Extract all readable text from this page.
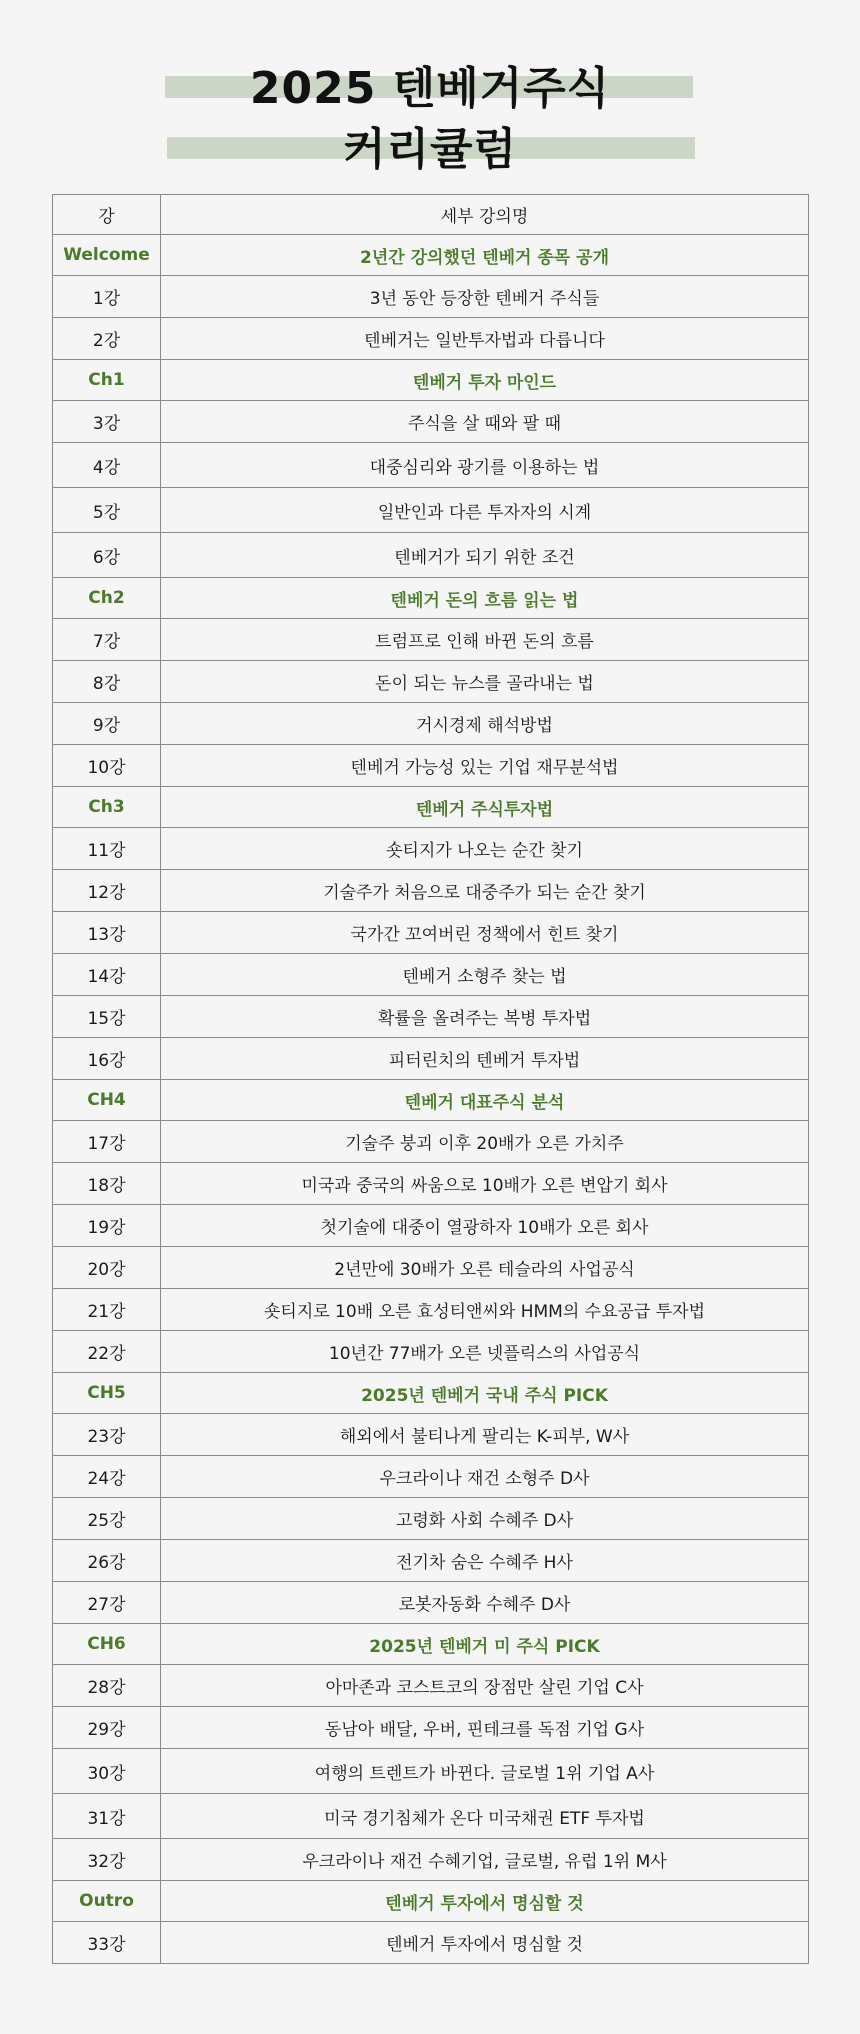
2025 텐베거주식
커리큘럼
강	세부 강의명
Welcome	2년간 강의했던 텐베거 종목 공개
1강	3년 동안 등장한 텐베거 주식들
2강	텐베거는 일반투자법과 다릅니다
Ch1	텐베거 투자 마인드
3강	주식을 살 때와 팔 때
4강	대중심리와 광기를 이용하는 법
5강	일반인과 다른 투자자의 시계
6강	텐베거가 되기 위한 조건
Ch2	텐베거 돈의 흐름 읽는 법
7강	트럼프로 인해 바뀐 돈의 흐름
8강	돈이 되는 뉴스를 골라내는 법
9강	거시경제 해석방법
10강	텐베거 가능성 있는 기업 재무분석법
Ch3	텐베거 주식투자법
11강	숏티지가 나오는 순간 찾기
12강	기술주가 처음으로 대중주가 되는 순간 찾기
13강	국가간 꼬여버린 정책에서 힌트 찾기
14강	텐베거 소형주 찾는 법
15강	확률을 올려주는 복병 투자법
16강	피터린치의 텐베거 투자법
CH4	텐베거 대표주식 분석
17강	기술주 붕괴 이후 20배가 오른 가치주
18강	미국과 중국의 싸움으로 10배가 오른 변압기 회사
19강	첫기술에 대중이 열광하자 10배가 오른 회사
20강	2년만에 30배가 오른 테슬라의 사업공식
21강	숏티지로 10배 오른 효성티앤씨와 HMM의 수요공급 투자법
22강	10년간 77배가 오른 넷플릭스의 사업공식
CH5	2025년 텐베거 국내 주식 PICK
23강	해외에서 불티나게 팔리는 K-피부, W사
24강	우크라이나 재건 소형주 D사
25강	고령화 사회 수혜주 D사
26강	전기차 숨은 수혜주 H사
27강	로봇자동화 수혜주 D사
CH6	2025년 텐베거 미 주식 PICK
28강	아마존과 코스트코의 장점만 살린 기업 C사
29강	동남아 배달, 우버, 핀테크를 독점 기업 G사
30강	여행의 트렌트가 바뀐다. 글로벌 1위 기업 A사
31강	미국 경기침체가 온다 미국채권 ETF 투자법
32강	우크라이나 재건 수혜기업, 글로벌, 유럽 1위 M사
Outro	텐베거 투자에서 명심할 것
33강	텐베거 투자에서 명심할 것
